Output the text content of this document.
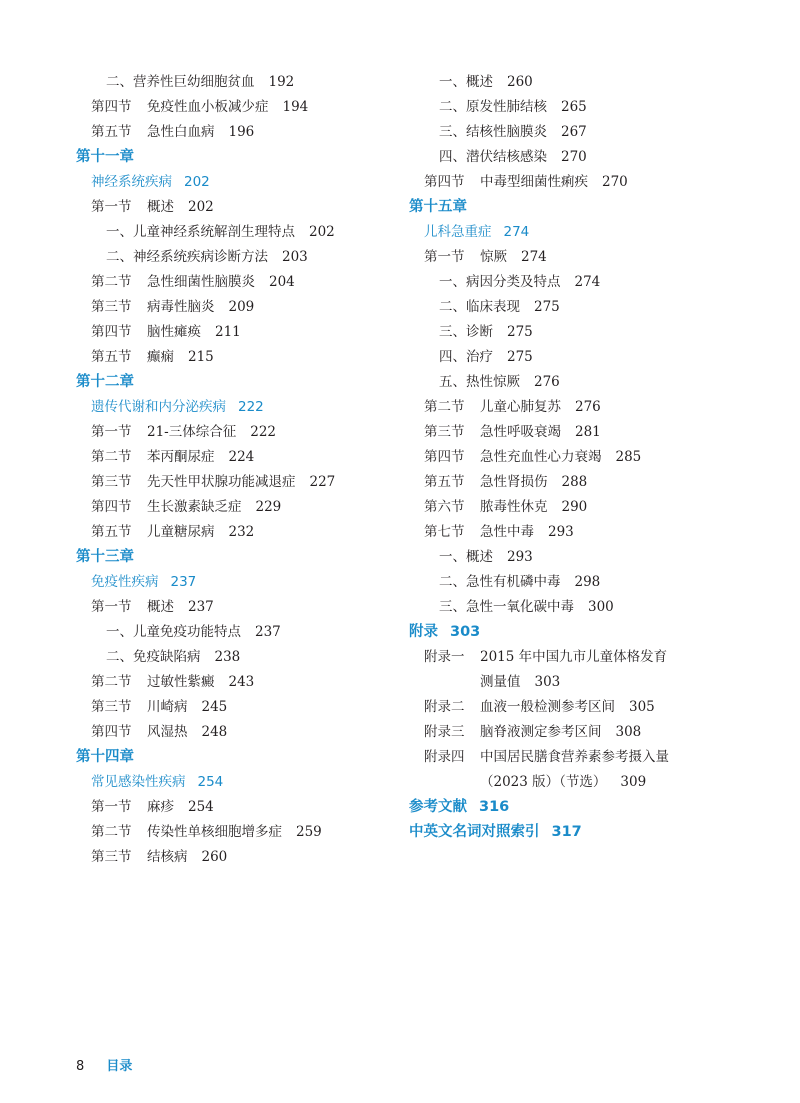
二、营养性巨幼细胞贫血 192
第四节 免疫性血小板减少症 194
第五节 急性白血病 196
第十一章
神经系统疾病 202
第一节 概述 202
一、儿童神经系统解剖生理特点 202
二、神经系统疾病诊断方法 203
第二节 急性细菌性脑膜炎 204
第三节 病毒性脑炎 209
第四节 脑性瘫痪 211
第五节 癫痫 215
第十二章
遗传代谢和内分泌疾病 222
第一节 21-三体综合征 222
第二节 苯丙酮尿症 224
第三节 先天性甲状腺功能减退症 227
第四节 生长激素缺乏症 229
第五节 儿童糖尿病 232
第十三章
免疫性疾病 237
第一节 概述 237
一、儿童免疫功能特点 237
二、免疫缺陷病 238
第二节 过敏性紫癜 243
第三节 川崎病 245
第四节 风湿热 248
第十四章
常见感染性疾病 254
第一节 麻疹 254
第二节 传染性单核细胞增多症 259
第三节 结核病 260
一、概述 260
二、原发性肺结核 265
三、结核性脑膜炎 267
四、潜伏结核感染 270
第四节 中毒型细菌性痢疾 270
第十五章
儿科急重症 274
第一节 惊厥 274
一、病因分类及特点 274
二、临床表现 275
三、诊断 275
四、治疗 275
五、热性惊厥 276
第二节 儿童心肺复苏 276
第三节 急性呼吸衰竭 281
第四节 急性充血性心力衰竭 285
第五节 急性肾损伤 288
第六节 脓毒性休克 290
第七节 急性中毒 293
一、概述 293
二、急性有机磷中毒 298
三、急性一氧化碳中毒 300
附录 303
附录一 2015 年中国九市儿童体格发育
测量值 303
附录二 血液一般检测参考区间 305
附录三 脑脊液测定参考区间 308
附录四 中国居民膳食营养素参考摄入量
（2023 版）（节选） 309
参考文献 316
中英文名词对照索引 317
8 目录
